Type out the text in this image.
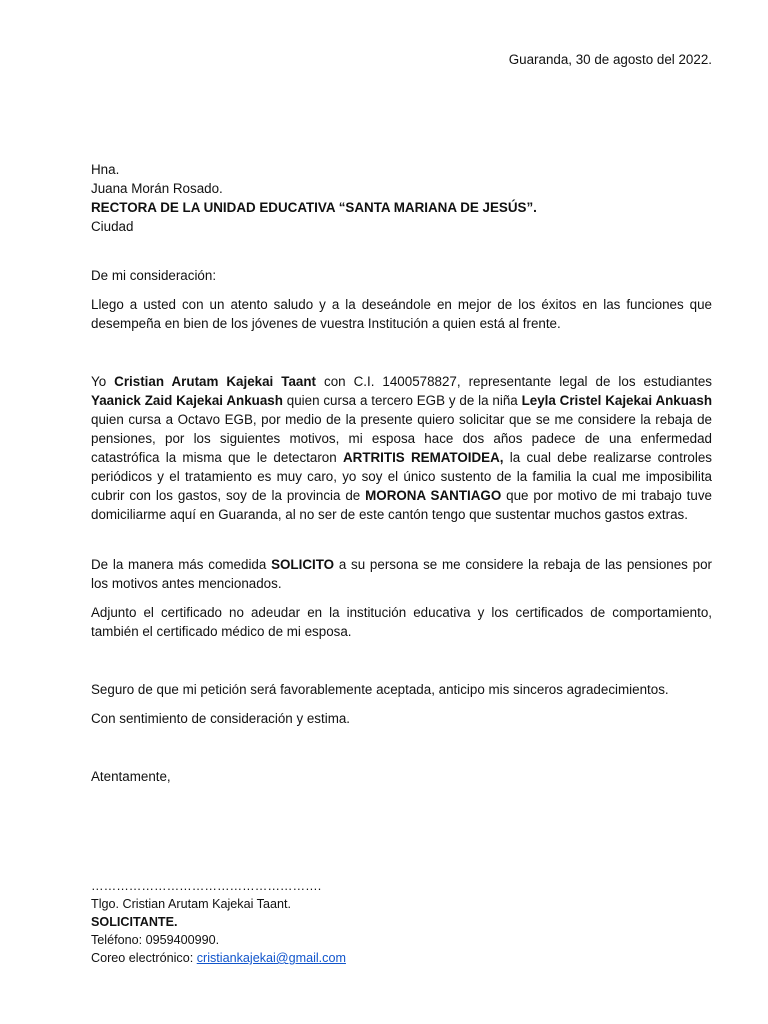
Guaranda, 30 de agosto del 2022.
Hna.
Juana Morán Rosado.
RECTORA DE LA UNIDAD EDUCATIVA “SANTA MARIANA DE JESÚS”.
Ciudad
De mi consideración:

Llego a usted con un atento saludo y a la deseándole en mejor de los éxitos en las funciones que desempeña en bien de los jóvenes de vuestra Institución a quien está al frente.

Yo Cristian Arutam Kajekai Taant con C.I. 1400578827, representante legal de los estudiantes Yaanick Zaid Kajekai Ankuash quien cursa a tercero EGB y de la niña Leyla Cristel Kajekai Ankuash quien cursa a Octavo EGB, por medio de la presente quiero solicitar que se me considere la rebaja de pensiones, por los siguientes motivos, mi esposa hace dos años padece de una enfermedad catastrófica la misma que le detectaron ARTRITIS REMATOIDEA, la cual debe realizarse controles periódicos y el tratamiento es muy caro, yo soy el único sustento de la familia la cual me imposibilita cubrir con los gastos, soy de la provincia de MORONA SANTIAGO que por motivo de mi trabajo tuve domiciliarme aquí en Guaranda, al no ser de este cantón tengo que sustentar muchos gastos extras.

De la manera más comedida SOLICITO a su persona se me considere la rebaja de las pensiones por los motivos antes mencionados.

Adjunto el certificado no adeudar en la institución educativa y los certificados de comportamiento, también el certificado médico de mi esposa.

Seguro de que mi petición será favorablemente aceptada, anticipo mis sinceros agradecimientos.
Con sentimiento de consideración y estima.
Atentamente,
……………………………………………….
Tlgo. Cristian Arutam Kajekai Taant.
SOLICITANTE.
Teléfono: 0959400990.
Coreo electrónico: cristiankajekai@gmail.com
